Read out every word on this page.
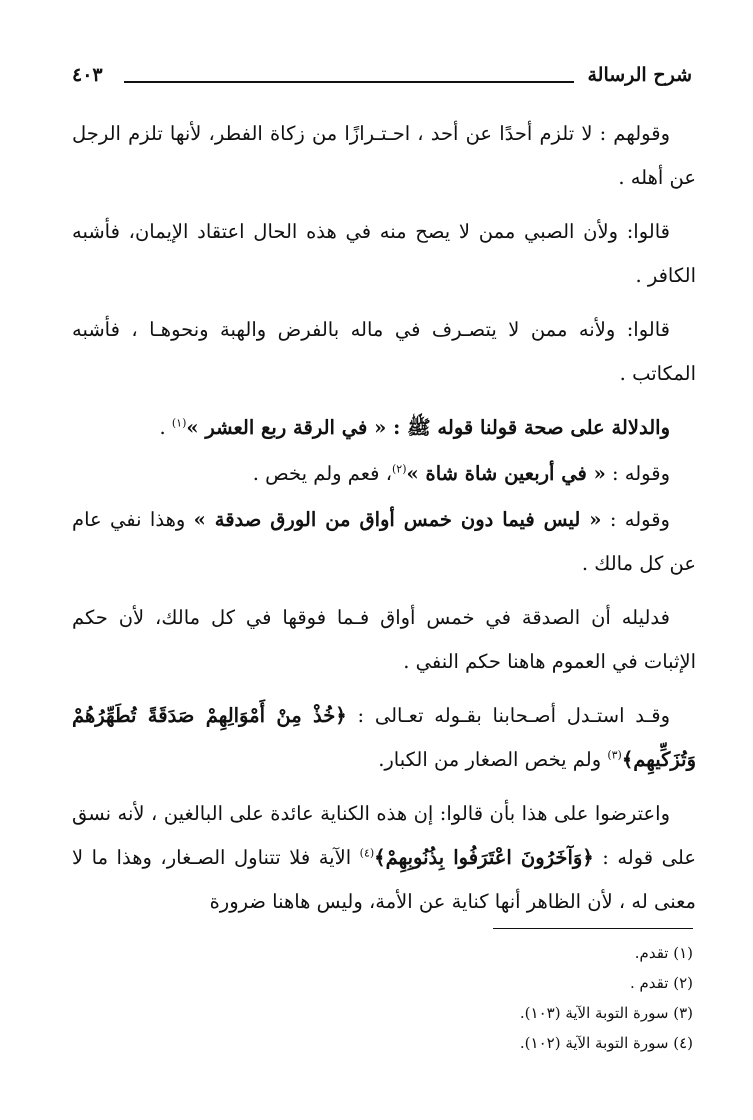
شرح الرسالة
٤٠٣

وقولهم : لا تلزم أحدًا عن أحد ، احـتـرازًا من زكاة الفطر، لأنها تلزم الرجل عن أهله .

قالوا: ولأن الصبي ممن لا يصح منه في هذه الحال اعتقاد الإيمان، فأشبه الكافر .

قالوا: ولأنه ممن لا يتصـرف في ماله بالفرض والهبة ونحوهـا ، فأشبه المكاتب .

والدلالة على صحة قولنا قوله ﷺ : « في الرقة ربع العشر »$^{(١)}$ .

وقوله : « في أربعين شاة شاة »$^{(٢)}$، فعم ولم يخص .

وقوله : « ليس فيما دون خمس أواق من الورق صدقة » وهذا نفي عام عن كل مالك .

فدليله أن الصدقة في خمس أواق فـما فوقها في كل مالك، لأن حكم الإثبات في العموم هاهنا حكم النفي .

وقـد استـدل أصـحابنا بقـوله تعـالى : ﴿خُذْ مِنْ أَمْوَالِهِمْ صَدَقَةً تُطَهِّرُهُمْ وَتُزَكِّيهِم﴾$^{(٣)}$ ولم يخص الصغار من الكبار.

واعترضوا على هذا بأن قالوا: إن هذه الكناية عائدة على البالغين ، لأنه نسق على قوله : ﴿وَآخَرُونَ اعْتَرَفُوا بِذُنُوبِهِمْ﴾$^{(٤)}$ الآية فلا تتناول الصـغار، وهذا ما لا معنى له ، لأن الظاهر أنها كناية عن الأمة، وليس هاهنا ضرورة

(١) تقدم.
(٢) تقدم .
(٣) سورة التوبة الآية (١٠٣).
(٤) سورة التوبة الآية (١٠٢).
